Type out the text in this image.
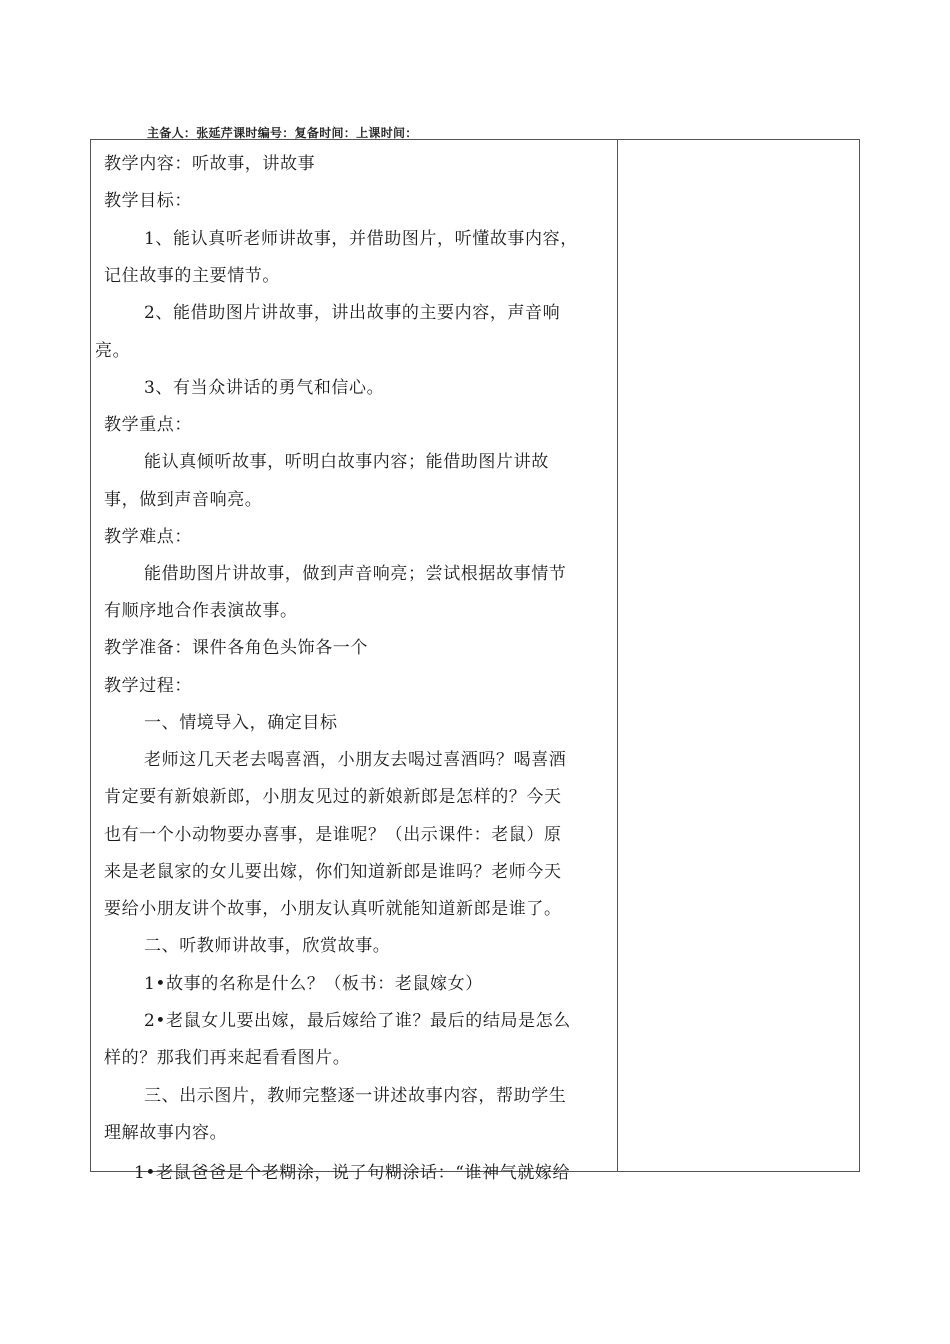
主备人：张延芹课时编号：复备时间：上课时间：
教学内容：听故事，讲故事
教学目标：
1、能认真听老师讲故事，并借助图片，听懂故事内容，
记住故事的主要情节。
2、能借助图片讲故事，讲出故事的主要内容，声音响
亮。
3、有当众讲话的勇气和信心。
教学重点：
能认真倾听故事，听明白故事内容；能借助图片讲故
事，做到声音响亮。
教学难点：
能借助图片讲故事，做到声音响亮；尝试根据故事情节
有顺序地合作表演故事。
教学准备：课件各角色头饰各一个
教学过程：
一、情境导入，确定目标
老师这几天老去喝喜酒，小朋友去喝过喜酒吗？喝喜酒
肯定要有新娘新郎，小朋友见过的新娘新郎是怎样的？今天
也有一个小动物要办喜事，是谁呢？（出示课件：老鼠）原
来是老鼠家的女儿要出嫁，你们知道新郎是谁吗？老师今天
要给小朋友讲个故事，小朋友认真听就能知道新郎是谁了。
二、听教师讲故事，欣赏故事。
1•故事的名称是什么？（板书：老鼠嫁女）
2•老鼠女儿要出嫁，最后嫁给了谁？最后的结局是怎么
样的？那我们再来起看看图片。
三、出示图片，教师完整逐一讲述故事内容，帮助学生
理解故事内容。
1•老鼠爸爸是个老糊涂，说了句糊涂话：“谁神气就嫁给
